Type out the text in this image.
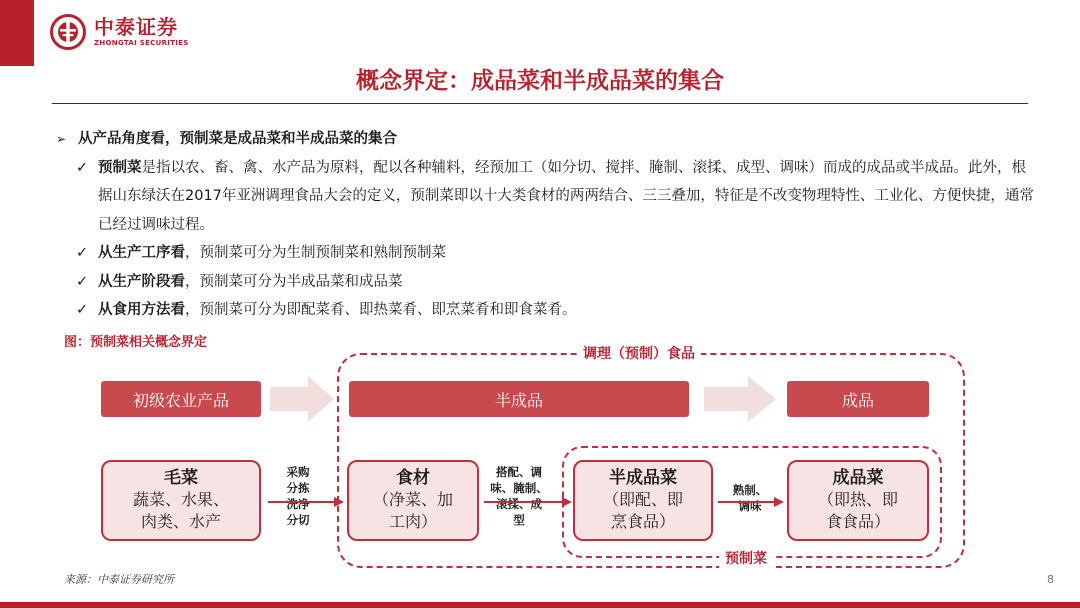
中泰证券
ZHONGTAI SECURITIES
概念界定：成品菜和半成品菜的集合
➢ 从产品角度看，预制菜是成品菜和半成品菜的集合
✓ 预制菜是指以农、畜、禽、水产品为原料，配以各种辅料，经预加工（如分切、搅拌、腌制、滚揉、成型、调味）而成的成品或半成品。此外，根据山东绿沃在2017年亚洲调理食品大会的定义，预制菜即以十大类食材的两两结合、三三叠加，特征是不改变物理特性、工业化、方便快捷，通常已经过调味过程。
✓ 从生产工序看，预制菜可分为生制预制菜和熟制预制菜
✓ 从生产阶段看，预制菜可分为半成品菜和成品菜
✓ 从食用方法看，预制菜可分为即配菜肴、即热菜肴、即烹菜肴和即食菜肴。
图：预制菜相关概念界定
调理（预制）食品
预制菜
初级农业产品	半成品	成品
毛菜
蔬菜、水果、
肉类、水产
采购
分拣
洗净
分切
食材
（净菜、加
工肉）
搭配、调
味、腌制、
滚揉、成
型
半成品菜
（即配、即
烹食品）
熟制、
调味
成品菜
（即热、即
食食品）
来源：中泰证券研究所	8
